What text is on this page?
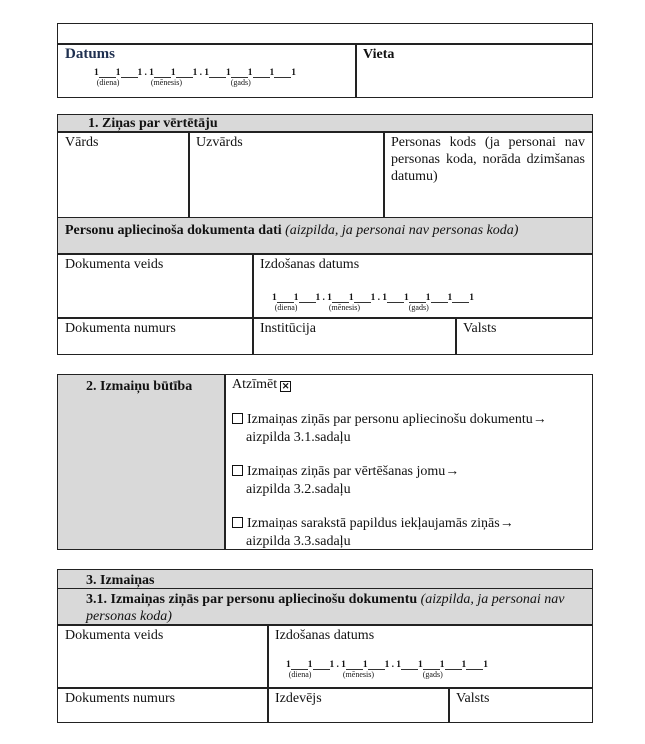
Datums	Vieta
1. Ziņas par vērtētāju
Vārds	Uzvārds	Personas kods (ja personai nav personas koda, norāda dzimšanas datumu)
Personu apliecinoša dokumenta dati (aizpilda, ja personai nav personas koda)
Dokumenta veids	Izdošanas datums
Dokumenta numurs	Institūcija	Valsts
2. Izmaiņu būtība	Atzīmēt ✕
Izmaiņas ziņās par personu apliecinošu dokumentu→
aizpilda 3.1.sadaļu
Izmaiņas ziņās par vērtēšanas jomu→
aizpilda 3.2.sadaļu
Izmaiņas sarakstā papildus iekļaujamās ziņās→
aizpilda 3.3.sadaļu
3. Izmaiņas
3.1. Izmaiņas ziņās par personu apliecinošu dokumentu (aizpilda, ja personai nav personas koda)
Dokumenta veids	Izdošanas datums
Dokuments numurs	Izdevējs	Valsts
1
(diena)
1 1
.
1
(mēnesis)
1 1
.
1 1
(gads)
1 1 1
1
(diena)
1 1
.
1
(mēnesis)
1 1
.
1 1
(gads)
1 1 1
1
(diena)
1 1
.
1
(mēnesis)
1 1
.
1 1
(gads)
1 1 1
